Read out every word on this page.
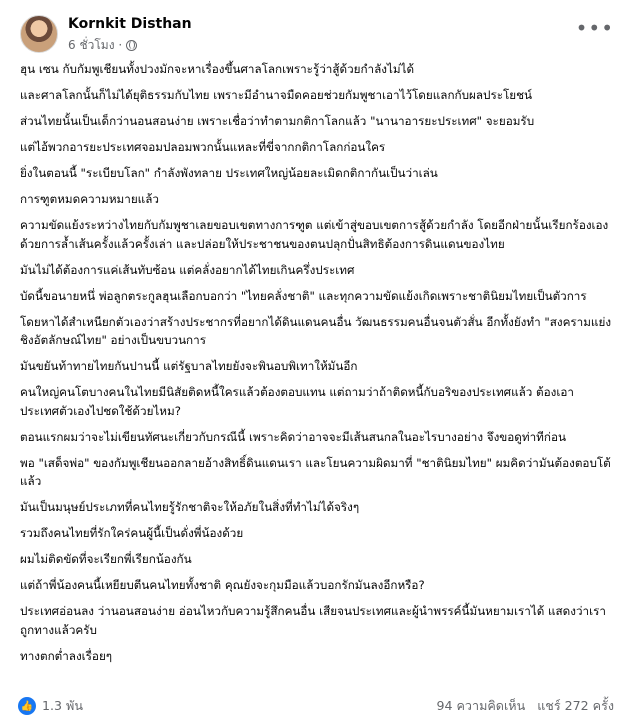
Kornkit Disthan
6 ชั่วโมง ·
•••

ฮุน เซน กับกัมพูเชียนทั้งปวงมักจะหาเรื่องขึ้นศาลโลกเพราะรู้ว่าสู้ด้วยกำลังไม่ได้

และศาลโลกนั้นก็ไม่ได้ยุติธรรมกับไทย เพราะมีอำนาจมืดคอยช่วยกัมพูชาเอาไว้โดยแลกกับผลประโยชน์

ส่วนไทยนั้นเป็นเด็กว่านอนสอนง่าย เพราะเชื่อว่าทำตามกติกาโลกแล้ว "นานาอารยะประเทศ" จะยอมรับ

แต่ไอ้พวกอารยะประเทศจอมปลอมพวกนั้นแหละที่ขี่จากกติกาโลกก่อนใคร

ยิ่งในตอนนี้ "ระเบียบโลก" กำลังพังทลาย ประเทศใหญ่น้อยละเมิดกติกากันเป็นว่าเล่น

การฑูตหมดความหมายแล้ว

ความขัดแย้งระหว่างไทยกับกัมพูชาเลยขอบเขตทางการฑูต แต่เข้าสู่ขอบเขตการสู้ด้วยกำลัง โดยอีกฝ่ายนั้นเรียกร้องเอง ด้วยการล้ำเส้นครั้งแล้วครั้งเล่า และปล่อยให้ประชาชนของตนปลุกปั่นสิทธิต้องการดินแดนของไทย

มันไม่ได้ต้องการแค่เส้นทับซ้อน แต่คลั่งอยากได้ไทยเกินครึ่งประเทศ

บัดนี้ขอนายหนึ่ พ่อลูกตระกูลฮุนเลือกบอกว่า "ไทยคลั่งชาติ" และทุกความขัดแย้งเกิดเพราะชาตินิยมไทยเป็นตัวการ

โดยหาได้สำเหนียกตัวเองว่าสร้างประชากรที่อยากได้ดินแดนคนอื่น วัฒนธรรมคนอื่นจนตัวสั่น อีกทั้งยังทำ "สงครามแย่งชิงอัตลักษณ์ไทย" อย่างเป็นขบวนการ

มันขยันท้าทายไทยกันปานนี้ แต่รัฐบาลไทยยังจะพินอบพิเทาให้มันอีก

คนใหญ่คนโตบางคนในไทยมีนิสัยติดหนี้ใครแล้วต้องตอบแทน แต่ถามว่าถ้าติดหนี้กับอริของประเทศแล้ว ต้องเอาประเทศตัวเองไปชดใช้ด้วยไหม?

ตอนแรกผมว่าจะไม่เขียนทัศนะเกี่ยวกับกรณีนี้ เพราะคิดว่าอาจจะมีเส้นสนกลในอะไรบางอย่าง จึงขอดูท่าทีก่อน

พอ "เสด็จพ่อ" ของกัมพูเชียนออกลายอ้างสิทธิ์ดินแดนเรา และโยนความผิดมาที่ "ชาตินิยมไทย" ผมคิดว่ามันต้องตอบโต้แล้ว

มันเป็นมนุษย์ประเภทที่คนไทยรู้รักชาติจะให้อภัยในสิ่งที่ทำไม่ได้จริงๆ

รวมถึงคนไทยที่รักใคร่คนผู้นี้เป็นดั่งพี่น้องด้วย

ผมไม่ติดขัดที่จะเรียกพี่เรียกน้องกัน

แต่ถ้าพี่น้องคนนี้เหยียบตีนคนไทยทั้งชาติ คุณยังจะกุมมือแล้วบอกรักมันลงอีกหรือ?

ประเทศอ่อนลง ว่านอนสอนง่าย อ่อนไหวกับความรู้สึกคนอื่น เสียจนประเทศและผู้นำพรรค์นี้มันหยามเราได้ แสดงว่าเราถูกทางแล้วครับ

ทางตกต่ำลงเรื่อยๆ

👍 1.3 พัน	94 ความคิดเห็น แชร์ 272 ครั้ง
